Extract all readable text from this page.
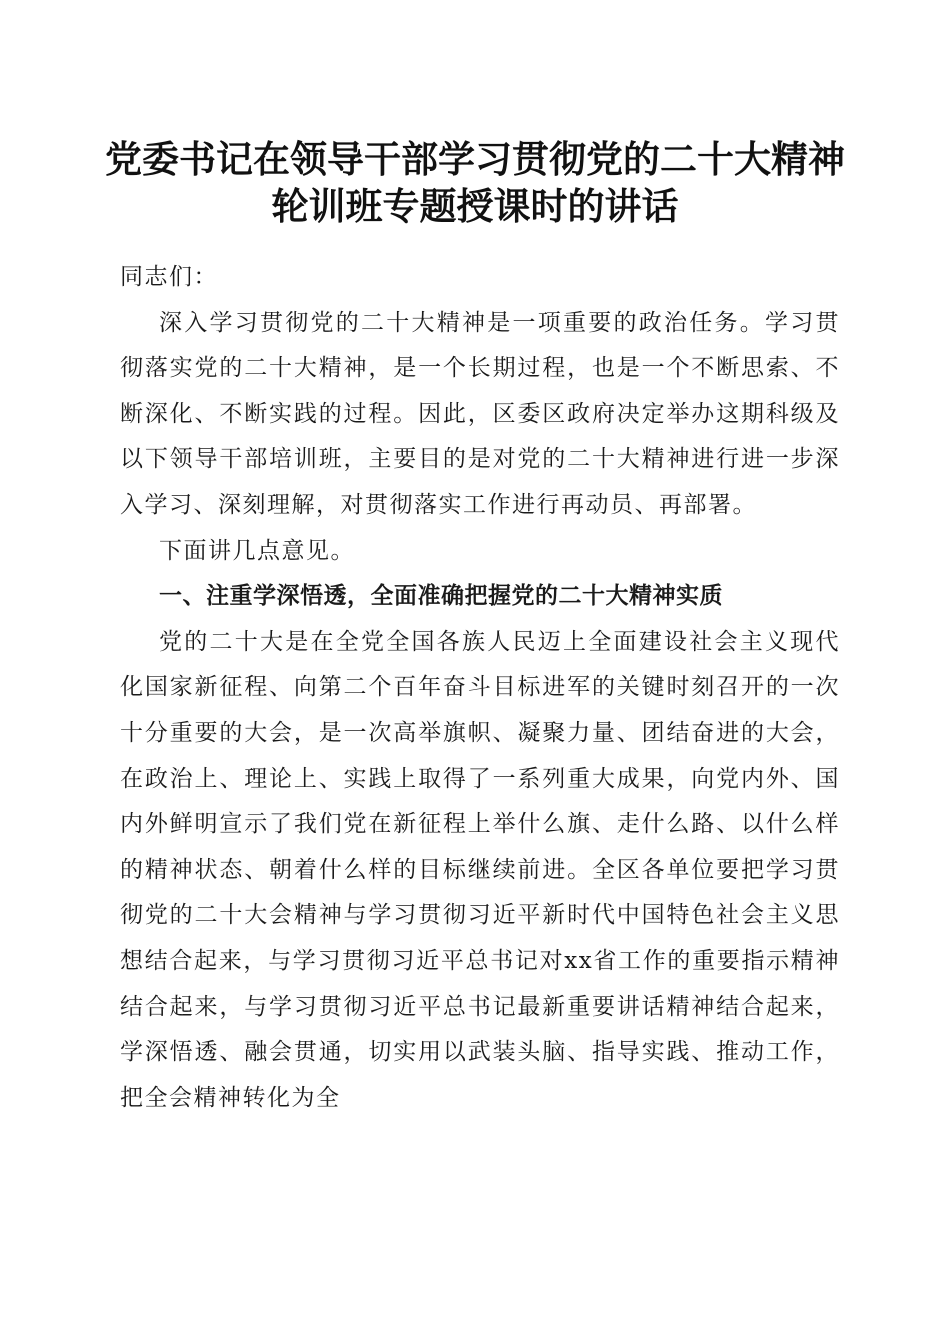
党委书记在领导干部学习贯彻党的二十大精神
轮训班专题授课时的讲话

同志们：

深入学习贯彻党的二十大精神是一项重要的政治任务。学习贯彻落实党的二十大精神，是一个长期过程，也是一个不断思索、不断深化、不断实践的过程。因此，区委区政府决定举办这期科级及以下领导干部培训班，主要目的是对党的二十大精神进行进一步深入学习、深刻理解，对贯彻落实工作进行再动员、再部署。

下面讲几点意见。

一、注重学深悟透，全面准确把握党的二十大精神实质

党的二十大是在全党全国各族人民迈上全面建设社会主义现代化国家新征程、向第二个百年奋斗目标进军的关键时刻召开的一次十分重要的大会，是一次高举旗帜、凝聚力量、团结奋进的大会，在政治上、理论上、实践上取得了一系列重大成果，向党内外、国内外鲜明宣示了我们党在新征程上举什么旗、走什么路、以什么样的精神状态、朝着什么样的目标继续前进。全区各单位要把学习贯彻党的二十大会精神与学习贯彻习近平新时代中国特色社会主义思想结合起来，与学习贯彻习近平总书记对xx省工作的重要指示精神结合起来，与学习贯彻习近平总书记最新重要讲话精神结合起来，学深悟透、融会贯通，切实用以武装头脑、指导实践、推动工作，把全会精神转化为全
